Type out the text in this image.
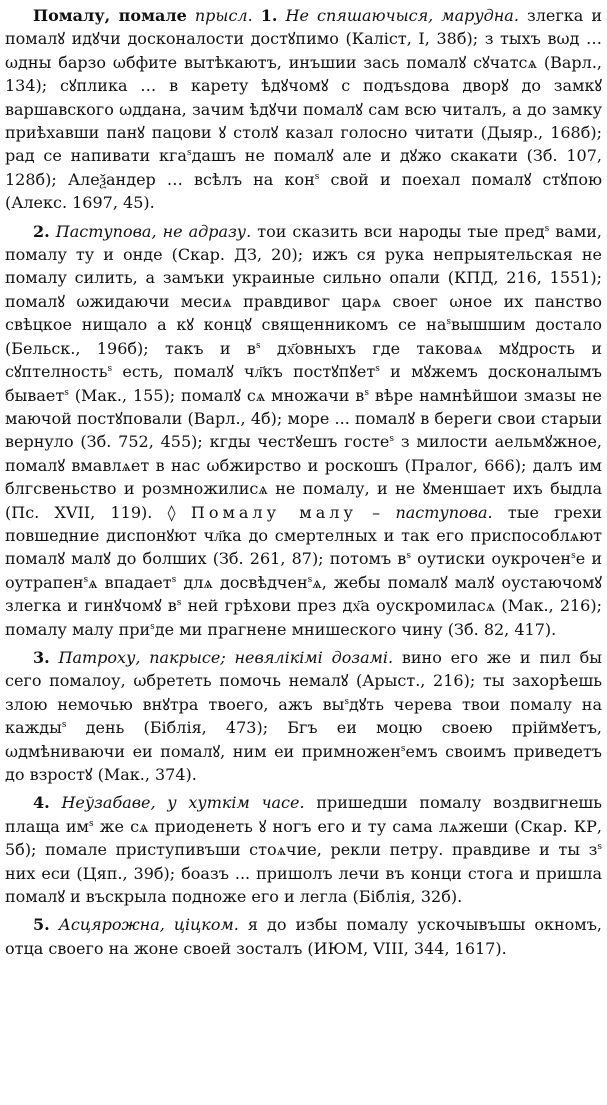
Помалу, помале прысл. 1. Не спяшаючыся, марудна. злегка и помалꙋ идꙋчи досконалости достꙋпимо (Каліст, I, 38б); з тыхъ вωд … ωдны барзо ωбфите вытѣкаютъ, инъшии зась помалꙋ сꙋчатсѧ (Варл., 134); сꙋплика … в карету ѣдꙋчомꙋ с подъѕдова дворꙋ до замкꙋ варшавского ωддана, зачим ѣдꙋчи помалꙋ сам всю читалъ, а до замку приѣхавши панꙋ пацови ꙋ столꙋ казал голосно читати (Дыяр., 168б); рад се напивати кга$^s$дашъ не помалꙋ але и дꙋжо скакати (Зб. 107, 128б); Алеѯандер … всѣлъ на кон$^s$ свой и поехал помалꙋ стꙋпою (Алекс. 1697, 45).

2. Паступова, не адразу. тои сказить вси народы тые пред$^s$ вами, помалу ту и онде (Скар. ДЗ, 20); ижъ ся рука непрыятельская не помалу силить, а замъки украиные сильно опали (КПД, 216, 1551); помалꙋ ωжидаючи месиѧ правдивог царѧ своег ωное их панство свѣцкое нищало а кꙋ концꙋ священникомъ се $на^sвышшим$ достало (Бельск., 196б); такъ и $в^s$ дх҃овныхъ где таковаѧ мꙋдрость и сꙋптелность$^s$ есть, помалꙋ чл҃къ постꙋпꙋет$^s$ и мꙋжемъ досконалымъ бывает$^s$ (Мак., 155); помалꙋ сѧ множачи $в^s$ вѣре намнѣйшои змазы не маючой постꙋповали (Варл., 4б); море ... помалꙋ в береги свои старыи вернуло (Зб. 752, 455); кгды честꙋешъ госте$^s$ з милости аельмꙋжное, помалꙋ вмавлѧет в нас ωбжирство и роскошъ (Пралог, 666); далъ им блгсвеньство и розмножилисѧ не помалу, и не ꙋменшает ихъ быдла (Пс. XVII, 119). ◊ Помалу малу – паступова. тые грехи повшедние диспонꙋют чл҃ка до смертелных и так его приспособлѧют помалꙋ малꙋ до болших (Зб. 261, 87); потомъ $в^s$ оутиски оукрочен$^s$е и оутрапен$^s$ѧ впадает$^s$ длѧ досвѣдчен$^s$ѧ, жебы помалꙋ малꙋ оустаючомꙋ злегка и гинꙋчомꙋ $в^s$ ней грѣхови през дх҃а оускромиласѧ (Мак., 216); помалу малу при$^s$де ми прагнене мнишеского чину (Зб. 82, 417).

3. Патроху, пакрысе; невялікімі дозамі. вино его же и пил бы сего помалоу, ωбрететь помочь немалꙋ (Арыст., 216); ты захорѣешь злою немочью внꙋтра твоего, ажъ $вы^sдꙋть$ черева твои помалу на кажды$^s$ день (Біблія, 473); Бгъ еи моцю своею пріймꙋетъ, ωдмѣниваючи еи помалꙋ, ним еи примножен$^s$емъ своимъ приведетъ до взростꙋ (Мак., 374).

4. Неўзабаве, у хуткім часе. пришедши помалу воздвигнешь плаща $им^s$ же сѧ приоденеть ꙋ ногъ его и ту сама лѧжеши (Скар. КР, 5б); помале приступивъши стоѧчие, рекли петру. правдиве и ты $з^s$ них еси (Цяп., 39б); боазъ ... пришолъ лечи въ конци стога и пришла помалꙋ и въскрыла подноже его и легла (Біблія, 32б).

5. Асцярожна, ціцком. я до избы помалу ускочывъшы окномъ, отца своего на жоне своей зосталъ (ИЮМ, VIII, 344, 1617).
